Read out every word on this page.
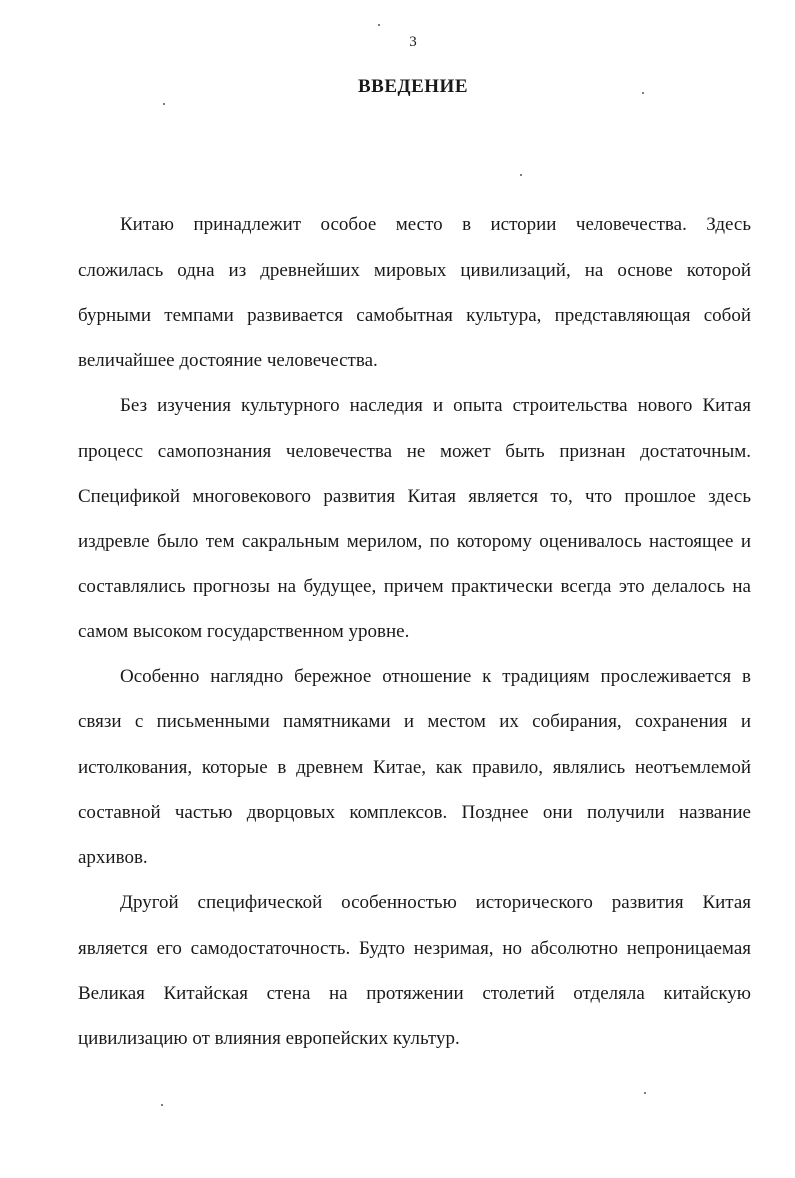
3
ВВЕДЕНИЕ
Китаю принадлежит особое место в истории человечества. Здесь
сложилась одна из древнейших мировых цивилизаций, на основе которой
бурными темпами развивается самобытная культура, представляющая собой
величайшее достояние человечества.
Без изучения культурного наследия и опыта строительства нового Китая
процесс самопознания человечества не может быть признан достаточным.
Спецификой многовекового развития Китая является то, что прошлое здесь
издревле было тем сакральным мерилом, по которому оценивалось настоящее и
составлялись прогнозы на будущее, причем практически всегда это делалось на
самом высоком государственном уровне.
Особенно наглядно бережное отношение к традициям прослеживается в
связи с письменными памятниками и местом их собирания, сохранения и
истолкования, которые в древнем Китае, как правило, являлись неотъемлемой
составной частью дворцовых комплексов. Позднее они получили название
архивов.
Другой специфической особенностью исторического развития Китая
является его самодостаточность. Будто незримая, но абсолютно непроницаемая
Великая Китайская стена на протяжении столетий отделяла китайскую
цивилизацию от влияния европейских культур.
